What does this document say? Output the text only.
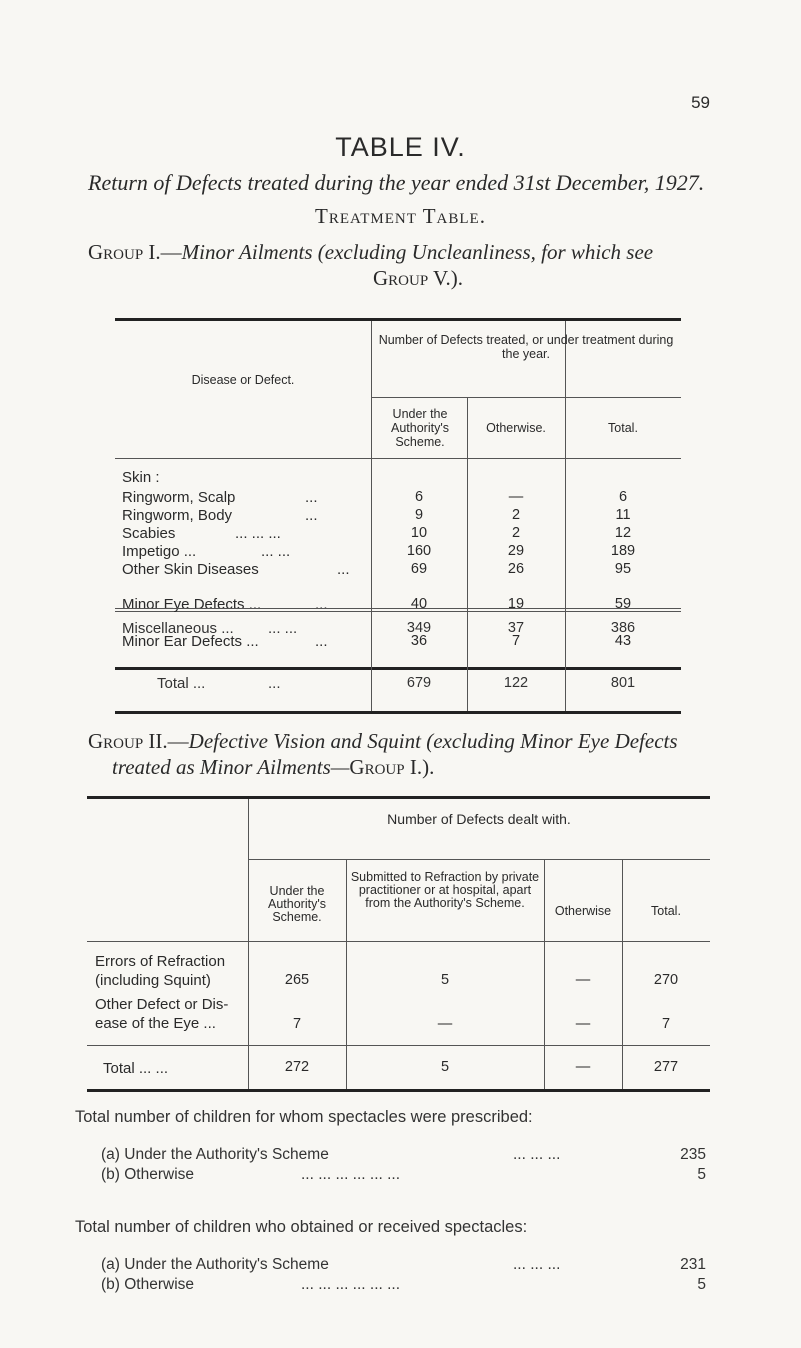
59
TABLE IV.
Return of Defects treated during the year ended 31st December, 1927.
Treatment Table.
Group I.—Minor Ailments (excluding Uncleanliness, for which see
Group V.).
Disease or Defect.
Number of Defects treated, or under treatment during the year.
Under the Authority's Scheme.
Otherwise.	Total.
Skin :
Ringworm, Scalp	...	6	—	6
Ringworm, Body	...	9	2	11
Scabies	... ... ...	10	2	12
Impetigo ...	... ...	160	29	189
Other Skin Diseases	...	69	26	95
Minor Eye Defects ...	...	40	19	59
Minor Ear Defects ...	...	36	7	43
Miscellaneous ... ... ...	349	37	386
Total ...	...	679	122	801
Group II.—Defective Vision and Squint (excluding Minor Eye Defects
treated as Minor Ailments—Group I.).
Number of Defects dealt with.
Under the Authority's Scheme.
Submitted to Refraction by private practitioner or at hospital, apart from the Authority's Scheme.
Otherwise	Total.
Errors of Refraction
(including Squint)	265	5	—	270
Other Defect or Dis-
ease of the Eye ...	7	—	—	7
Total ... ...	272	5	—	277
Total number of children for whom spectacles were prescribed:
(a) Under the Authority's Scheme	... ... ...	235
(b) Otherwise	... ... ... ... ... ...	5
Total number of children who obtained or received spectacles:
(a) Under the Authority's Scheme	... ... ...	231
(b) Otherwise	... ... ... ... ... ...	5
